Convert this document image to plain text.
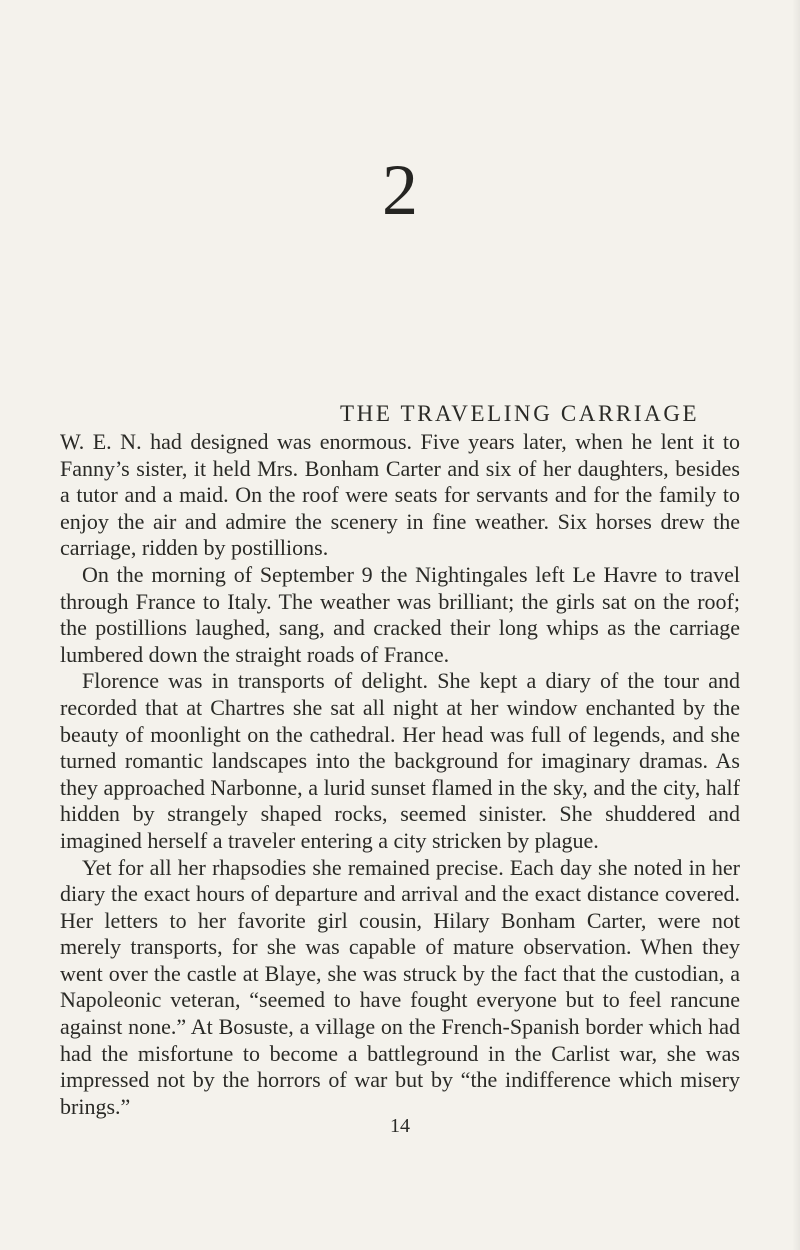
2
THE TRAVELING CARRIAGE

W. E. N. had designed was enormous. Five years later, when he lent it to Fanny’s sister, it held Mrs. Bonham Carter and six of her daughters, besides a tutor and a maid. On the roof were seats for servants and for the family to enjoy the air and admire the scenery in fine weather. Six horses drew the carriage, ridden by postillions.

On the morning of September 9 the Nightingales left Le Havre to travel through France to Italy. The weather was brilliant; the girls sat on the roof; the postillions laughed, sang, and cracked their long whips as the carriage lumbered down the straight roads of France.

Florence was in transports of delight. She kept a diary of the tour and recorded that at Chartres she sat all night at her window enchanted by the beauty of moonlight on the cathedral. Her head was full of legends, and she turned romantic landscapes into the background for imaginary dramas. As they approached Narbonne, a lurid sunset flamed in the sky, and the city, half hidden by strangely shaped rocks, seemed sinister. She shuddered and imagined herself a traveler entering a city stricken by plague.

Yet for all her rhapsodies she remained precise. Each day she noted in her diary the exact hours of departure and arrival and the exact distance covered. Her letters to her favorite girl cousin, Hilary Bonham Carter, were not merely transports, for she was capable of mature observation. When they went over the castle at Blaye, she was struck by the fact that the custodian, a Napoleonic veteran, “seemed to have fought everyone but to feel rancune against none.” At Bosuste, a village on the French-Spanish border which had had the misfortune to become a battleground in the Carlist war, she was impressed not by the horrors of war but by “the indifference which misery brings.”

14
